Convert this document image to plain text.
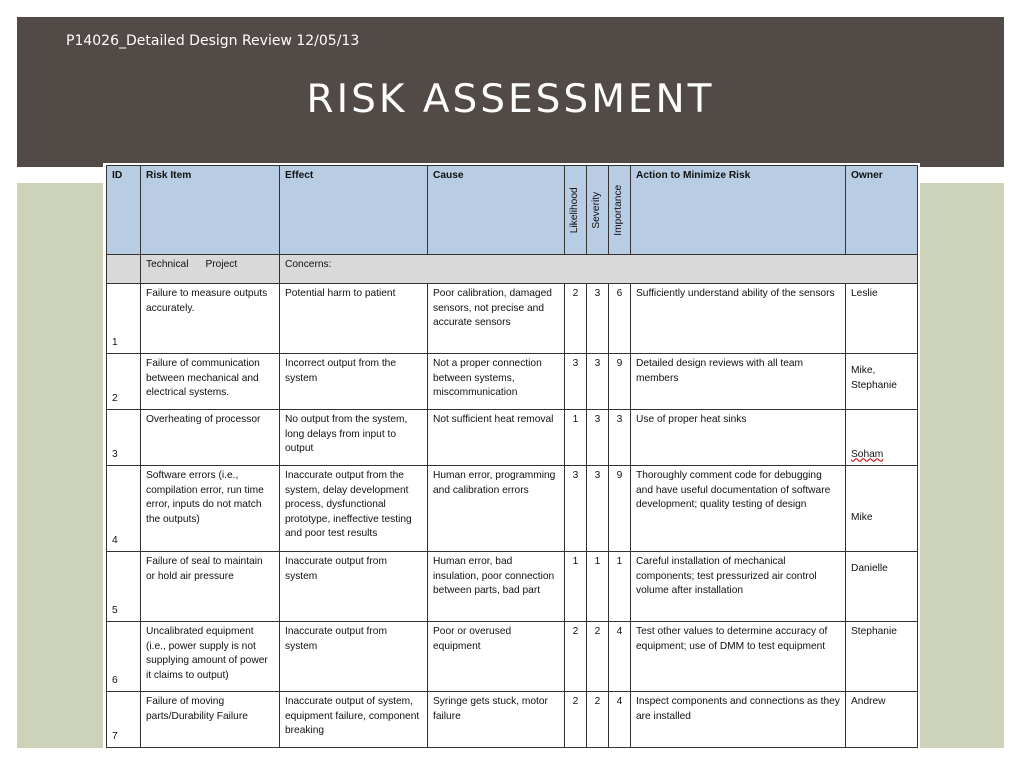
P14026_Detailed Design Review 12/05/13
RISK ASSESSMENT
ID	Risk Item	Effect	Cause	Likelihood	Severity	Importance	Action to Minimize Risk	Owner
	Technical Project	Concerns:						
1	Failure to measure outputs accurately.	Potential harm to patient	Poor calibration, damaged sensors, not precise and accurate sensors	2	3	6	Sufficiently understand ability of the sensors	Leslie
2	Failure of communication between mechanical and electrical systems.	Incorrect output from the system	Not a proper connection between systems, miscommunication	3	3	9	Detailed design reviews with all team members	Mike, Stephanie
3	Overheating of processor	No output from the system, long delays from input to output	Not sufficient heat removal	1	3	3	Use of proper heat sinks	Soham
4	Software errors (i.e., compilation error, run time error, inputs do not match the outputs)	Inaccurate output from the system, delay development process, dysfunctional prototype, ineffective testing and poor test results	Human error, programming and calibration errors	3	3	9	Thoroughly comment code for debugging and have useful documentation of software development; quality testing of design	Mike
5	Failure of seal to maintain or hold air pressure	Inaccurate output from system	Human error, bad insulation, poor connection between parts, bad part	1	1	1	Careful installation of mechanical components; test pressurized air control volume after installation	Danielle
6	Uncalibrated equipment (i.e., power supply is not supplying amount of power it claims to output)	Inaccurate output from system	Poor or overused equipment	2	2	4	Test other values to determine accuracy of equipment; use of DMM to test equipment	Stephanie
7	Failure of moving parts/Durability Failure	Inaccurate output of system, equipment failure, component breaking	Syringe gets stuck, motor failure	2	2	4	Inspect components and connections as they are installed	Andrew
